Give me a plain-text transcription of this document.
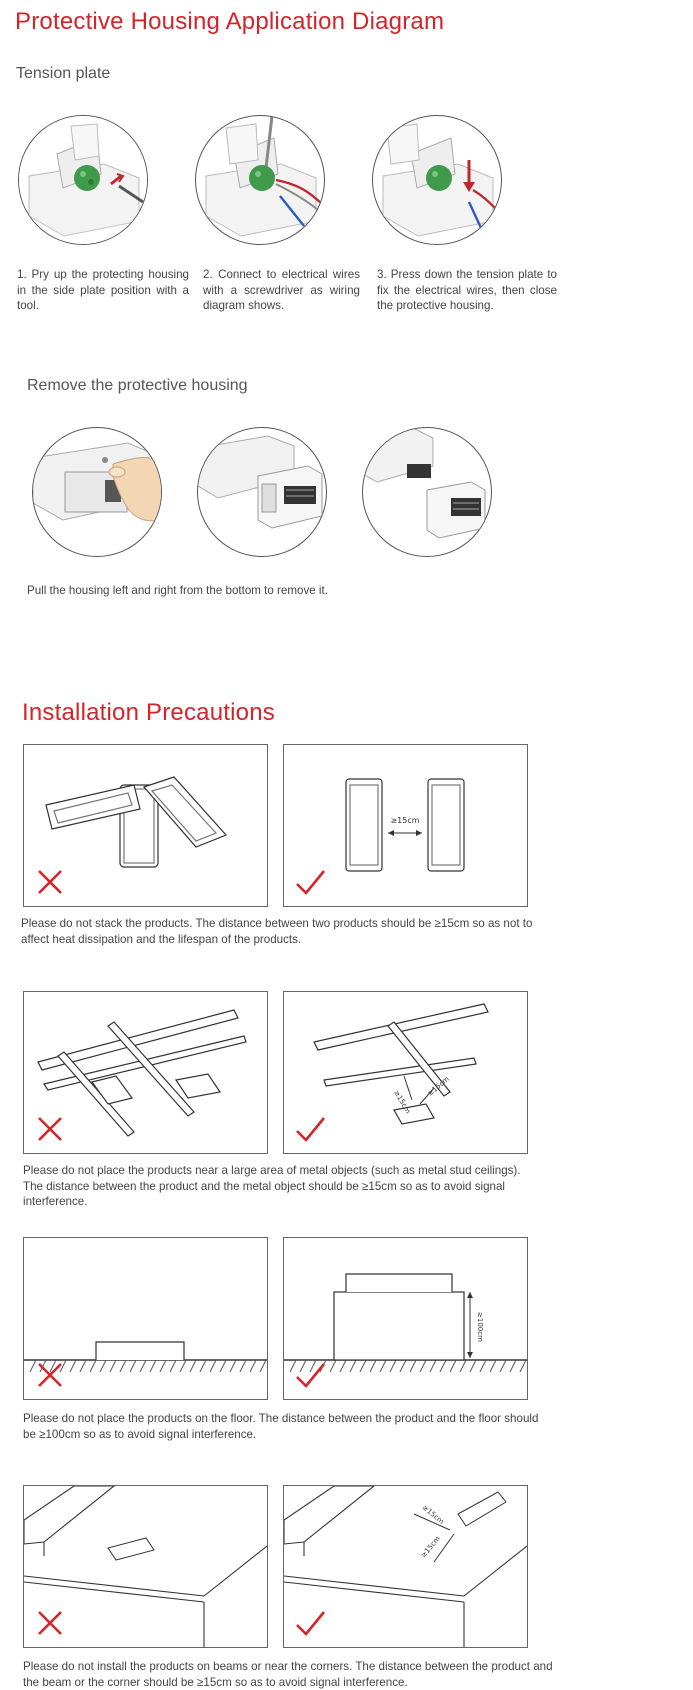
Protective Housing Application Diagram
Tension plate
1. Pry up the protecting housing in the side plate position with a tool.
2. Connect to electrical wires with a screwdriver as wiring diagram shows.
3. Press down the tension plate to fix the electrical wires, then close the protective housing.
Remove the protective housing
Pull the housing left and right from the bottom to remove it.
Installation Precautions
≥15cm
Please do not stack the products. The distance between two products should be ≥15cm so as not to affect heat dissipation and the lifespan of the products.
≥15cm
≥15cm
Please do not place the products near a large area of metal objects (such as metal stud ceilings). The distance between the product and the metal object should be ≥15cm so as to avoid signal interference.
≥100cm
Please do not place the products on the floor. The distance between the product and the floor should be ≥100cm so as to avoid signal interference.
≥15cm
≥15cm
Please do not install the products on beams or near the corners. The distance between the product and the beam or the corner should be ≥15cm so as to avoid signal interference.
